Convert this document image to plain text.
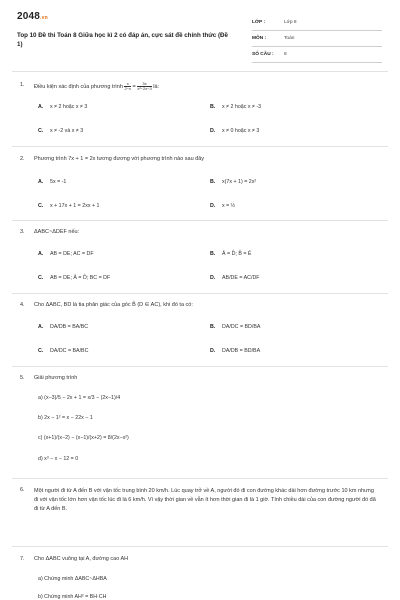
2048.vn
Top 10 Đề thi Toán 8 Giữa học kì 2 có đáp án, cực sát đề chính thức (Đề 1)
LỚP :	Lớp 8
MÔN :	Toán
SỐ CÂU :	8
1.	Điều kiện xác định của phương trình $\frac{x}{2-x} = \frac{3x}{\text{x²−2x−3}}$ là:
A.	x ≠ 2 hoặc x ≠ 3	B.	x ≠ 2 hoặc x ≠ -3
C.	x ≠ -2 và x ≠ 3	D.	x ≠ 0 hoặc x ≠ 3
2.	Phương trình 7x + 1 = 2x tương đương với phương trình nào sau đây
A.	5x = -1	B.	x(7x + 1) = 2x²
C.	x + 17x + 1 = 2xx + 1	D.	x = ½
3.	ΔABC~ΔDEF nếu:
A.	AB = DE; AC = DF	B.	Â = D̂; B̂ = Ê
C.	AB = DE; Â = D̂; BC = DF	D.	AB/DE = AC/DF
4.	Cho ΔABC, BD là tia phân giác của góc B̂ (D ∈ AC), khi đó ta có:
A.	DA/DB = BA/BC	B.	DA/DC = BD/BA
C.	DA/DC = BA/BC	D.	DA/DB = BD/BA
5.	Giải phương trình
a) (x−3)/5 − 2x + 1 = x/3 − (2x−1)/4
b) 2x − 1² = x − 22x − 1
c) (x+1)/(x−2) − (x−1)/(x+2) = 8/(2x−x²)
d) x³ − x − 12 = 0
6.	Một người đi từ A đến B với vận tốc trung bình 20 km/h. Lúc quay trở về A, người đó đi con đường khác dài hơn đường trước 10 km nhưng đi với vận tốc lớn hơn vận tốc lúc đi là 6 km/h. Vì vậy thời gian về vẫn ít hơn thời gian đi là 1 giờ. Tính chiều dài của con đường người đó đã đi từ A đến B.
7.	Cho ΔABC vuông tại A, đường cao AH
a) Chứng minh ΔABC~ΔHBA
b) Chứng minh AH² = BH·CH
